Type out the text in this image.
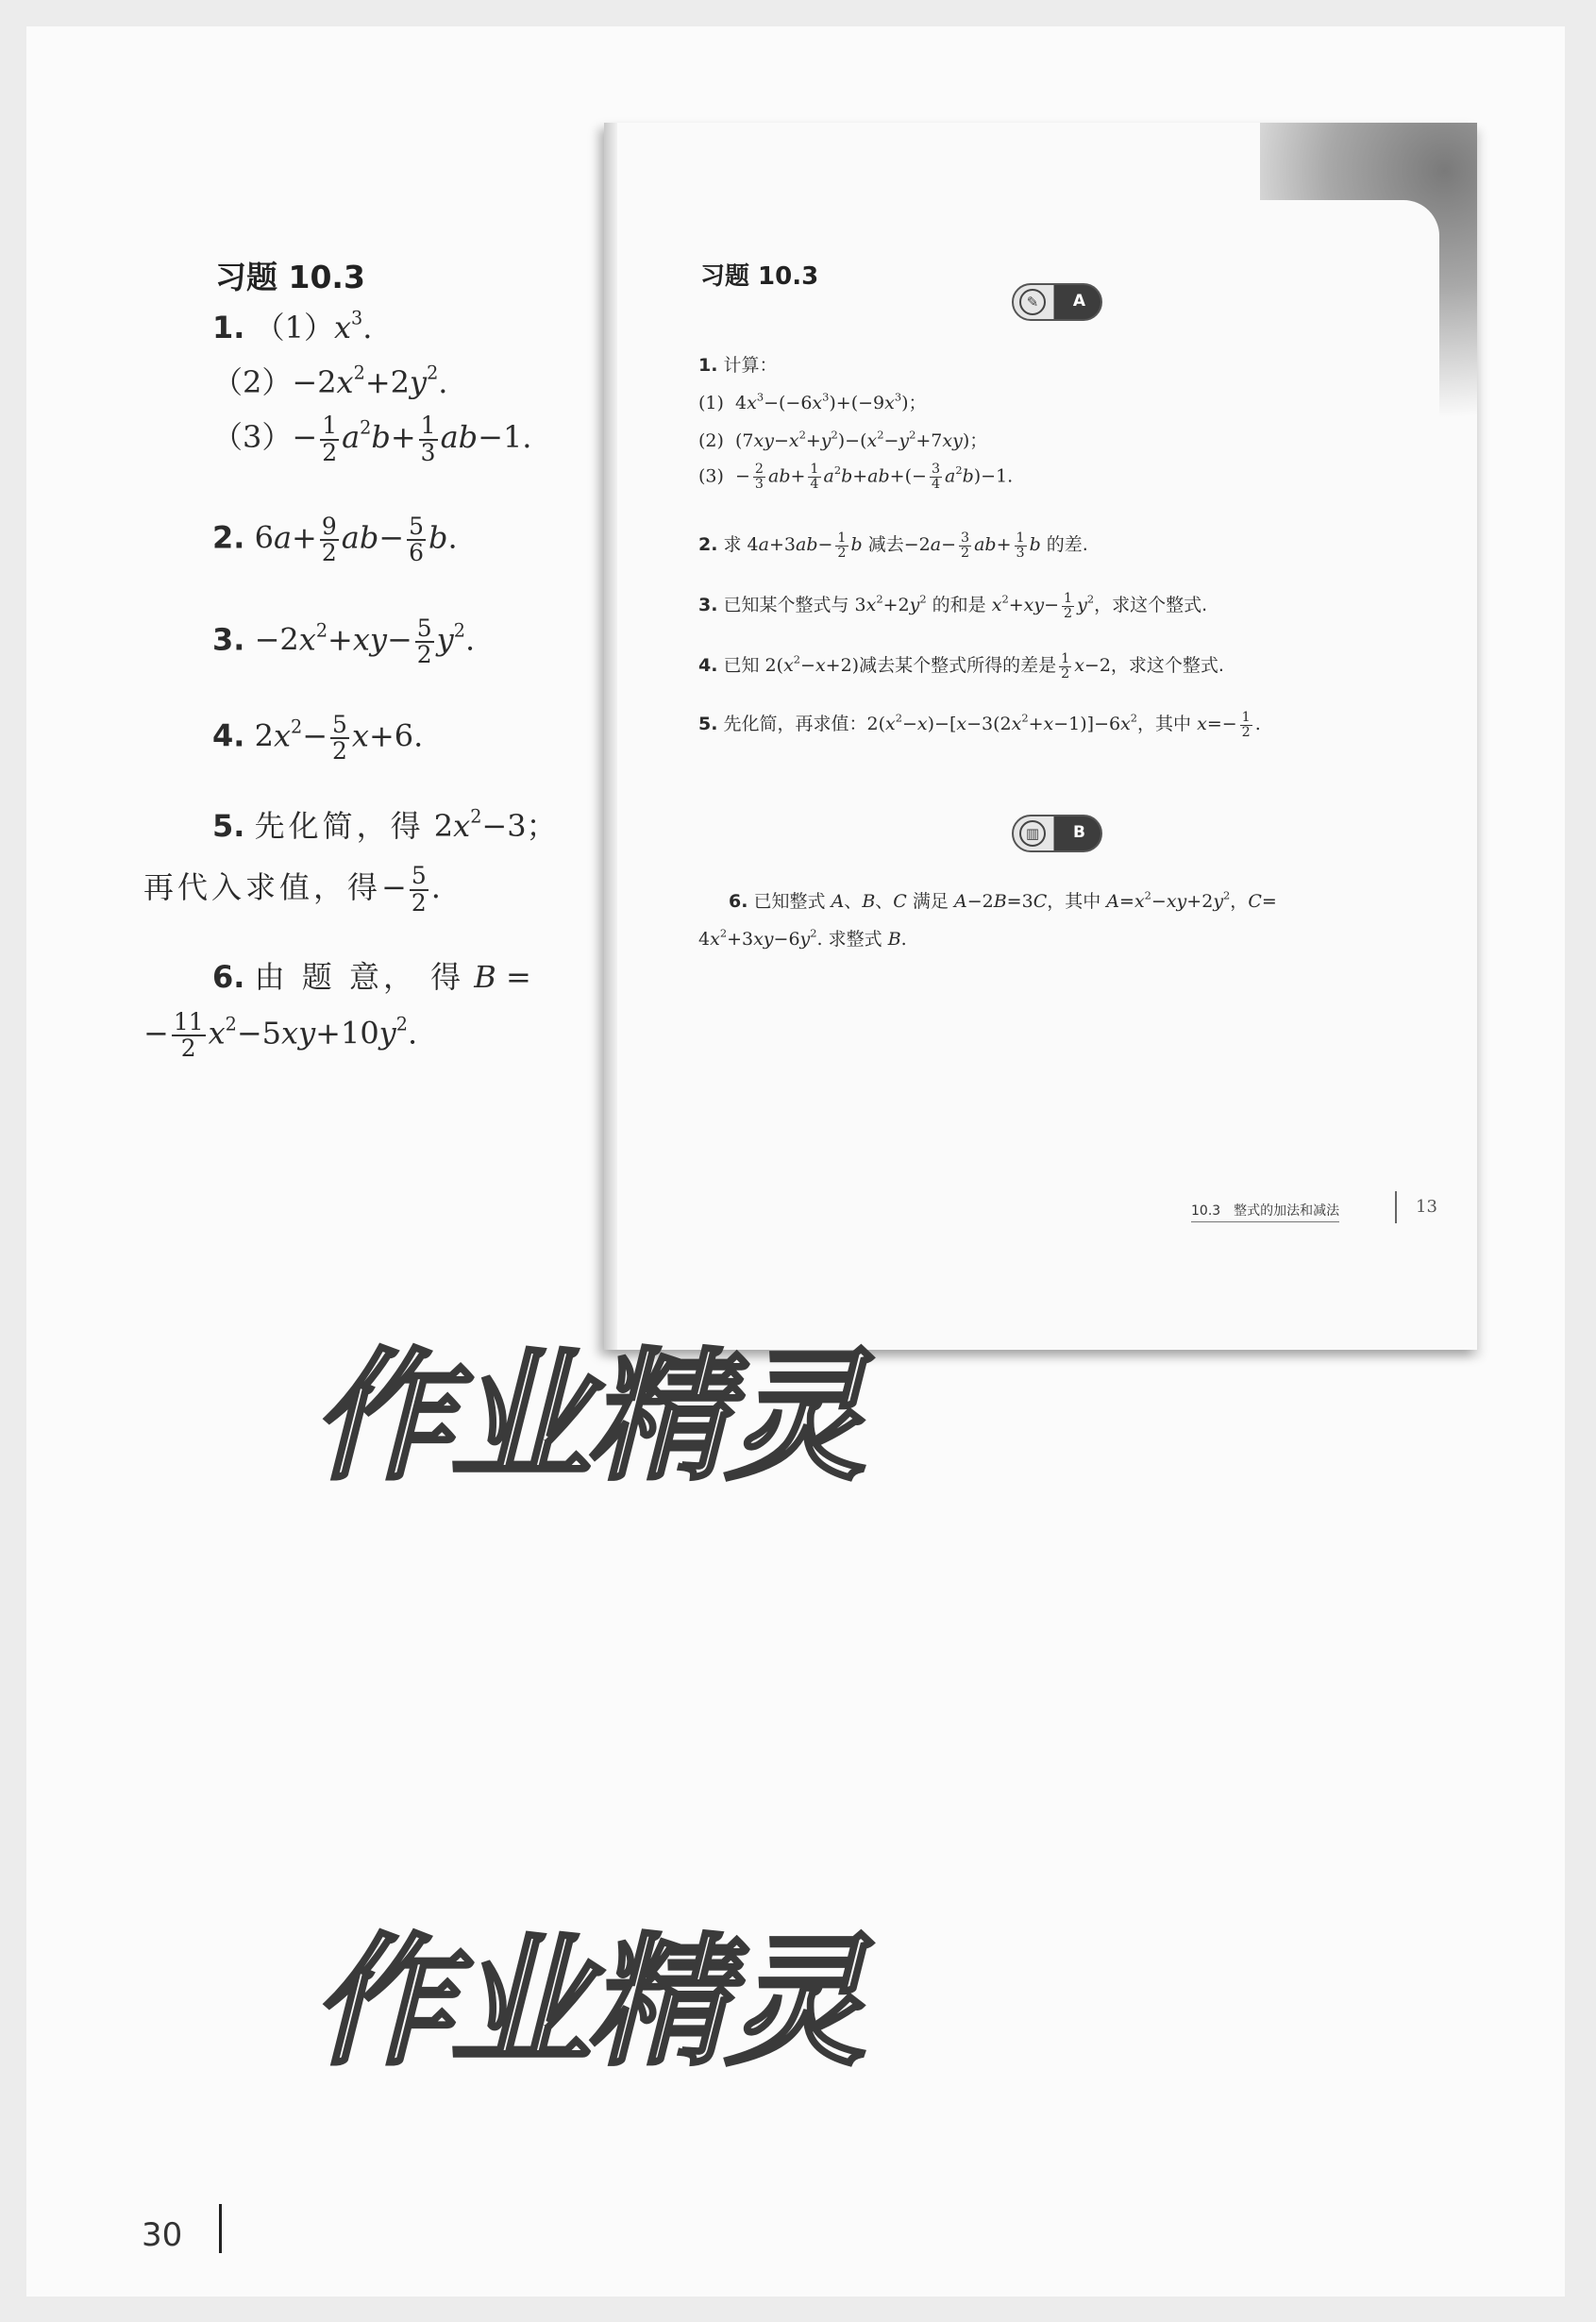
习题 10.3
1. $(1)x^3$.
$(2)-2x^2+2y^2$.
$(3)- \frac{1}{2} a^2b+ \frac{1}{3} ab-1$.
2. $6a+ \frac{9}{2} ab- \frac{5}{6} b$.
3. $-2x^2+xy- \frac{5}{2} y^2$.
4. $2x^2- \frac{5}{2} x+6$.
5. 先化简，得 $2x^2-3$；
再代入求值，得− $\frac{5}{2}$ .
6. 由 题 意， 得 B =
− $\frac{11}{2} x^2-5xy+10y^2$.
习题 10.3
✎	A
1. 计算：
(1)  $4x^3-(-6x^3)+(-9x^3)$；
(2)  $(7xy-x^2+y^2)-(x^2-y^2+7xy)$；
$(3) - \frac{2}{3} ab+ \frac{1}{4} a^2b+ab+(- \frac{3}{4} a^2b)-1$.
2. 求 $4a+3ab- \frac{1}{2}$ b 减去$-2a- \frac{3}{2} ab+ \frac{1}{3}$ b 的差.
3. 已知某个整式与 $3x^2+2y^2$ 的和是 $x^2+xy- \frac{1}{2} y^2$，求这个整式.
4. 已知 $2(x^2-x+2)$减去某个整式所得的差是 $\frac{1}{2} x-2$，求这个整式.
5. 先化简，再求值：$2(x^2-x)-[x-3(2x^2+x-1)]-6x^2$，其中 $x=- \frac{1}{2}$ .
▥	B
6. 已知整式 A、B、C 满足 A−2B=3C，其中 $A=x^2-xy+2y^2$，C=
$4x^2+3xy-6y^2$. 求整式 B.
10.3　整式的加法和减法	13
作业精灵
作业精灵
30
